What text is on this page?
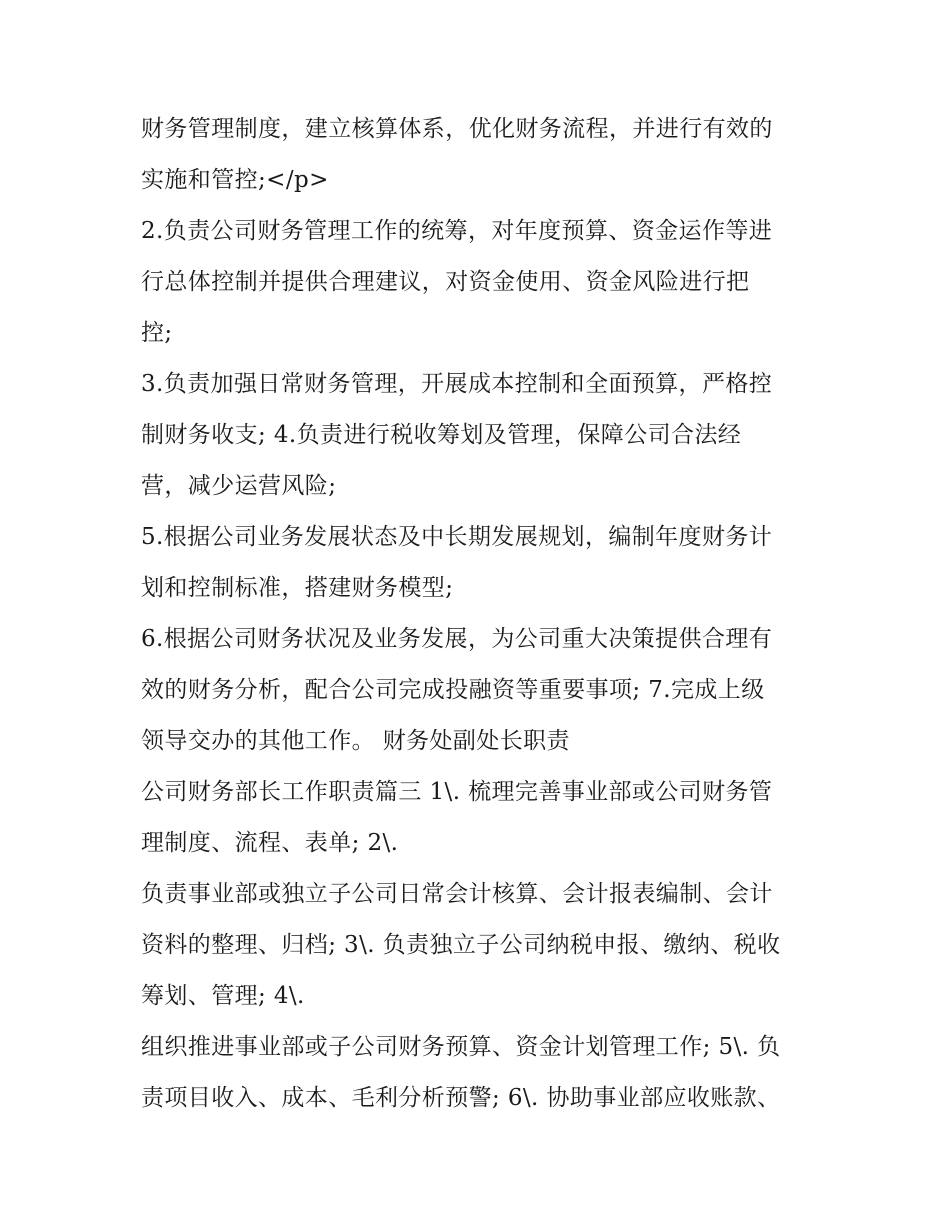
财务管理制度，建立核算体系，优化财务流程，并进行有效的
实施和管控;</p>
2.负责公司财务管理工作的统筹，对年度预算、资金运作等进
行总体控制并提供合理建议，对资金使用、资金风险进行把
控;
3.负责加强日常财务管理，开展成本控制和全面预算，严格控
制财务收支; 4.负责进行税收筹划及管理，保障公司合法经
营，减少运营风险;
5.根据公司业务发展状态及中长期发展规划，编制年度财务计
划和控制标准，搭建财务模型;
6.根据公司财务状况及业务发展，为公司重大决策提供合理有
效的财务分析，配合公司完成投融资等重要事项; 7.完成上级
领导交办的其他工作。 财务处副处长职责
公司财务部长工作职责篇三 1\. 梳理完善事业部或公司财务管
理制度、流程、表单; 2\.
负责事业部或独立子公司日常会计核算、会计报表编制、会计
资料的整理、归档; 3\. 负责独立子公司纳税申报、缴纳、税收
筹划、管理; 4\.
组织推进事业部或子公司财务预算、资金计划管理工作; 5\. 负
责项目收入、成本、毛利分析预警; 6\. 协助事业部应收账款、
